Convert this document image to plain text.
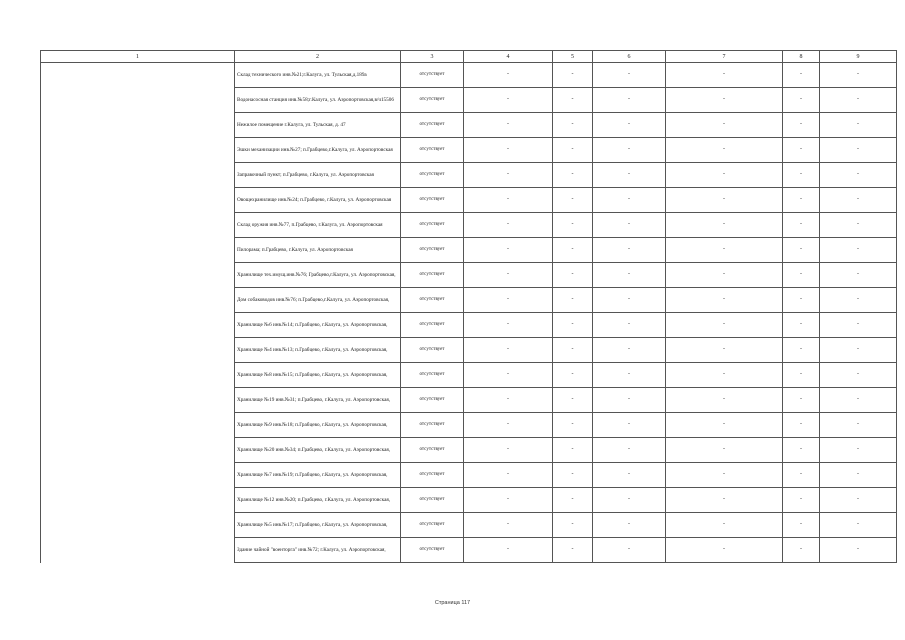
1	2	3	4	5	6	7	8	9
	Склад технического инв.№21;г.Калуга, ул. Тульская,д.189а	отсутствует	-	-	-	-	-	-
	Водонасосная станция инв.№58;г.Калуга, ул. Аэропортовская,в/ч15506	отсутствует	-	-	-	-	-	-
	Нежилое помещение г.Калуга, ул. Тульская, д. 47	отсутствует	-	-	-	-	-	-
	Эшки механизации инв.№27; п.Грабцево,г.Калуга, ул. Аэропортовская	отсутствует	-	-	-	-	-	-
	Заправочный пункт; п.Грабцево, г.Калуга, ул. Аэропортовская	отсутствует	-	-	-	-	-	-
	Овощехранилище инв.№24; п.Грабцево, г.Калуга, ул. Аэропортовская	отсутствует	-	-	-	-	-	-
	Склад оружия инв.№77, п.Грабцево, г.Калуга, ул. Аэропортовская	отсутствует	-	-	-	-	-	-
	Пилорама; п.Грабцево, г.Калуга, ул. Аэропортовская	отсутствует	-	-	-	-	-	-
	Хранилище тех.имущ.инв.№76; Грабцево,г.Калуга, ул. Аэропортовская,	отсутствует	-	-	-	-	-	-
	Дом собаководов инв.№76; п.Грабцево,г.Калуга, ул. Аэропортовская,	отсутствует	-	-	-	-	-	-
	Хранилище №6 инв.№14; п.Грабцево, г.Калуга, ул. Аэропортовская,	отсутствует	-	-	-	-	-	-
	Хранилище №4 инв.№13; п.Грабцево, г.Калуга, ул. Аэропортовская,	отсутствует	-	-	-	-	-	-
	Хранилище №8 инв.№15; п.Грабцево, г.Калуга, ул. Аэропортовская,	отсутствует	-	-	-	-	-	-
	Хранилище №19 инв.№31; п.Грабцево, г.Калуга, ул. Аэропортовская,	отсутствует	-	-	-	-	-	-
	Хранилище №9 инв.№18; п.Грабцево, г.Калуга, ул. Аэропортовская,	отсутствует	-	-	-	-	-	-
	Хранилище №20 инв.№34; п.Грабцево, г.Калуга, ул. Аэропортовская,	отсутствует	-	-	-	-	-	-
	Хранилище №7 инв.№19; п.Грабцево, г.Калуга, ул. Аэропортовская,	отсутствует	-	-	-	-	-	-
	Хранилище №12 инв.№20; п.Грабцево, г.Калуга, ул. Аэропортовская,	отсутствует	-	-	-	-	-	-
	Хранилище №5 инв.№17; п.Грабцево, г.Калуга, ул. Аэропортовская,	отсутствует	-	-	-	-	-	-
	Здание чайной "военторга" инв.№72; г.Калуга, ул. Аэропортовская,	отсутствует	-	-	-	-	-	-
Страница 117
